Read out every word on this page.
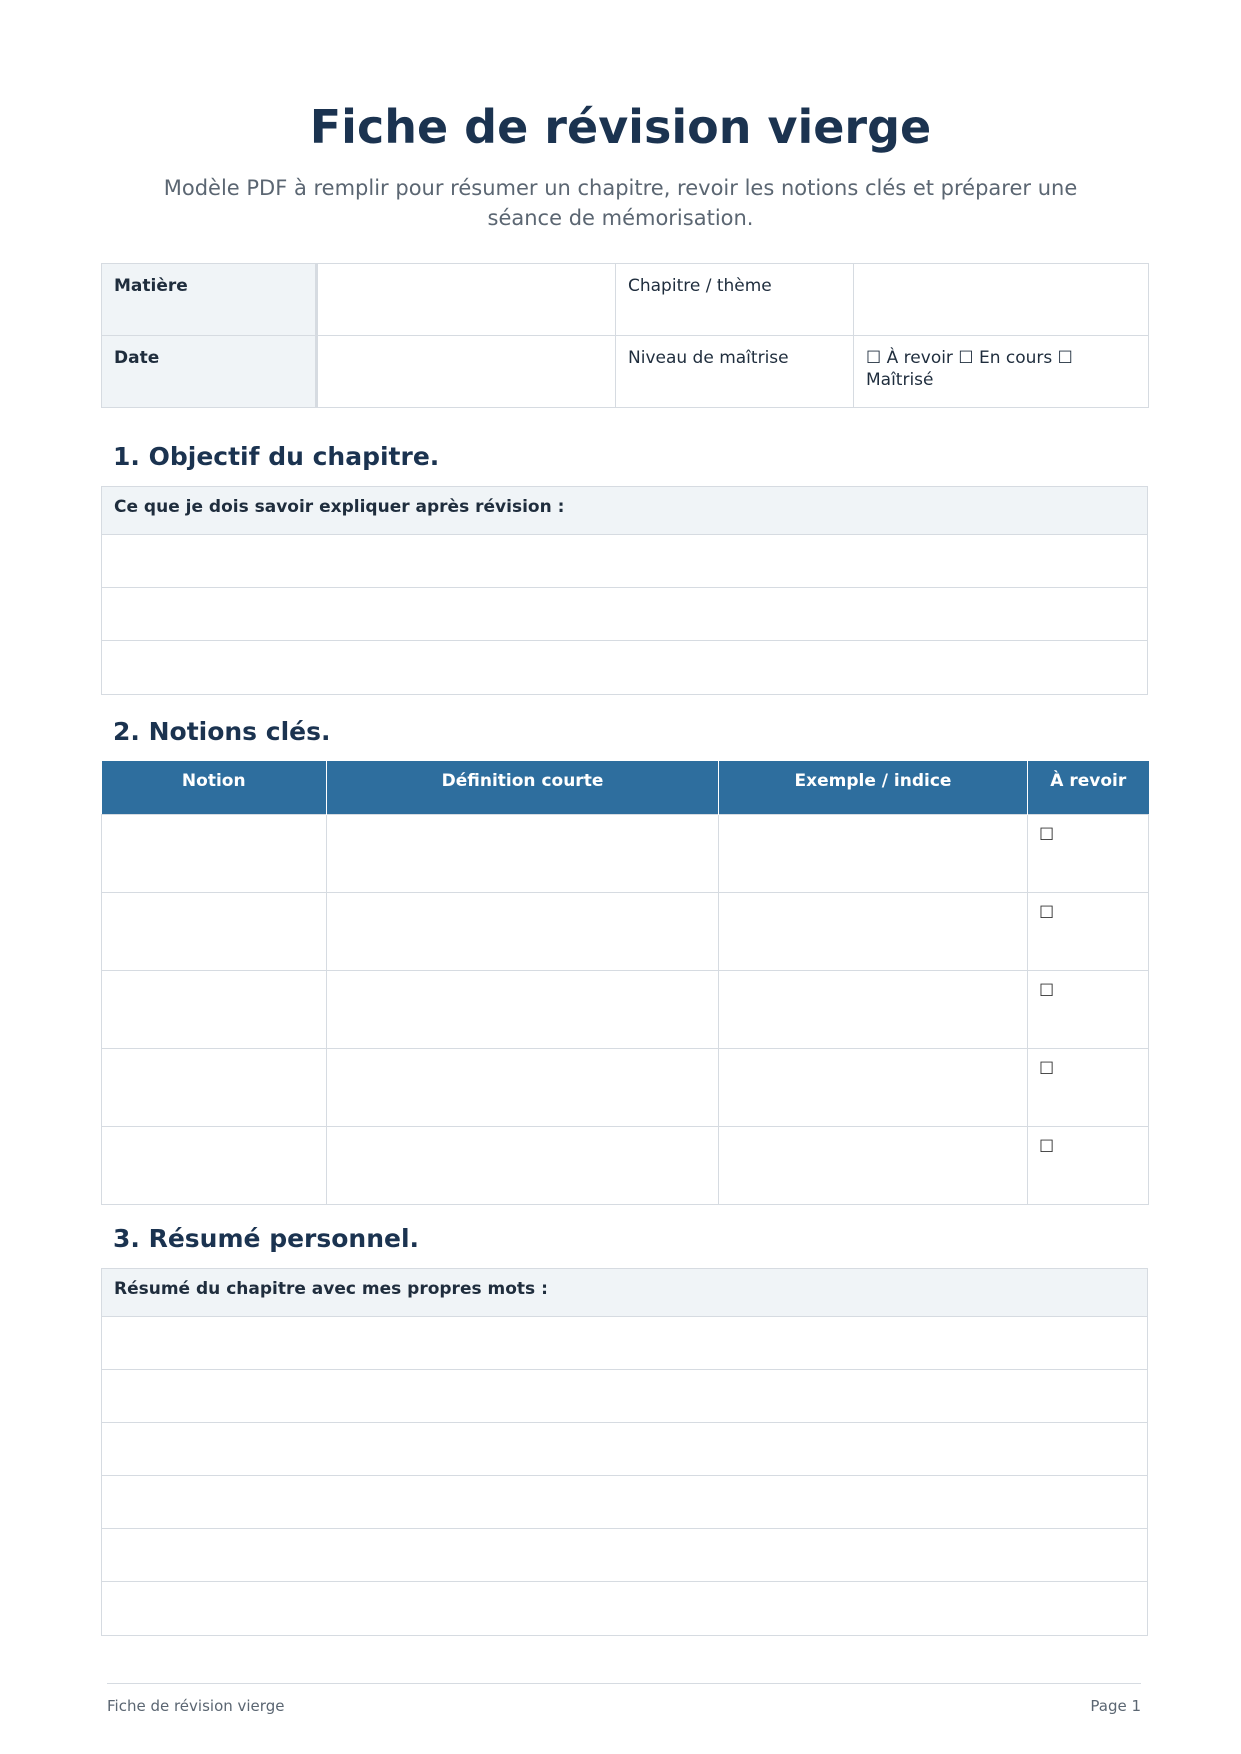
Fiche de révision vierge

Modèle PDF à remplir pour résumer un chapitre, revoir les notions clés et préparer une séance de mémorisation.

Matière		Chapitre / thème	
Date		Niveau de maîtrise	☐ À revoir ☐ En cours ☐ Maîtrisé
1. Objectif du chapitre.
Ce que je dois savoir expliquer après révision :
2. Notions clés.
Notion	Définition courte	Exemple / indice	À revoir
			☐
			☐
			☐
			☐
			☐
3. Résumé personnel.
Résumé du chapitre avec mes propres mots :
Fiche de révision vierge	Page 1
